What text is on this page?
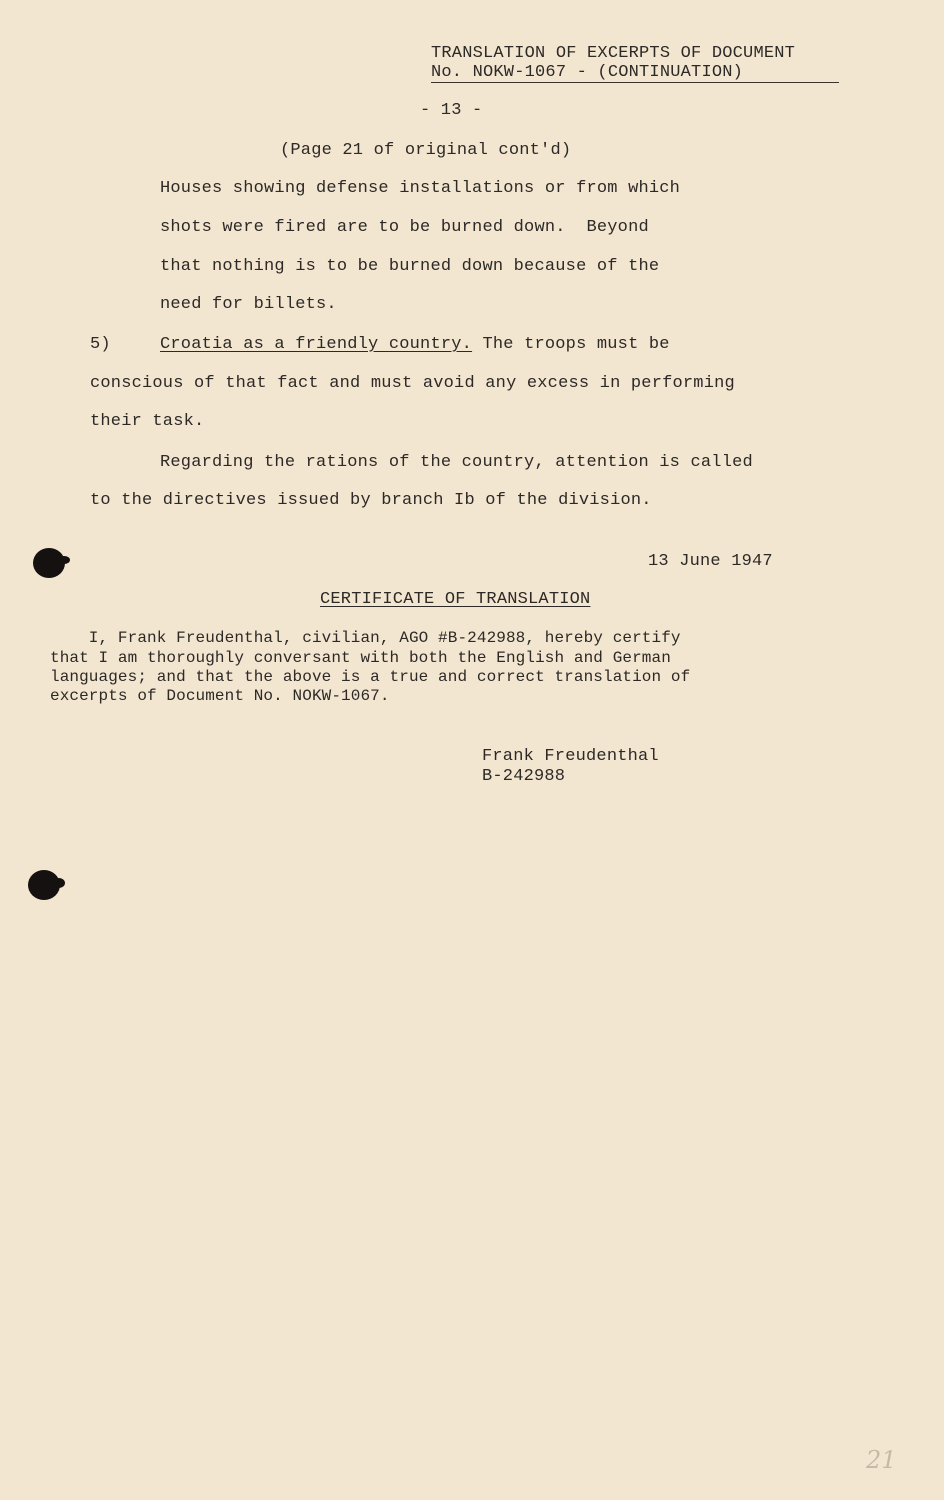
TRANSLATION OF EXCERPTS OF DOCUMENT
No. NOKW-1067 - (CONTINUATION)
- 13 -
(Page 21 of original cont'd)
Houses showing defense installations or from which
shots were fired are to be burned down.  Beyond
that nothing is to be burned down because of the
need for billets.
5)	Croatia as a friendly country. The troops must be
conscious of that fact and must avoid any excess in performing
their task.
Regarding the rations of the country, attention is called
to the directives issued by branch Ib of the division.
13 June 1947
CERTIFICATE OF TRANSLATION
I, Frank Freudenthal, civilian, AGO #B-242988, hereby certify
that I am thoroughly conversant with both the English and German
languages; and that the above is a true and correct translation of
excerpts of Document No. NOKW-1067.
Frank Freudenthal
B-242988
21
